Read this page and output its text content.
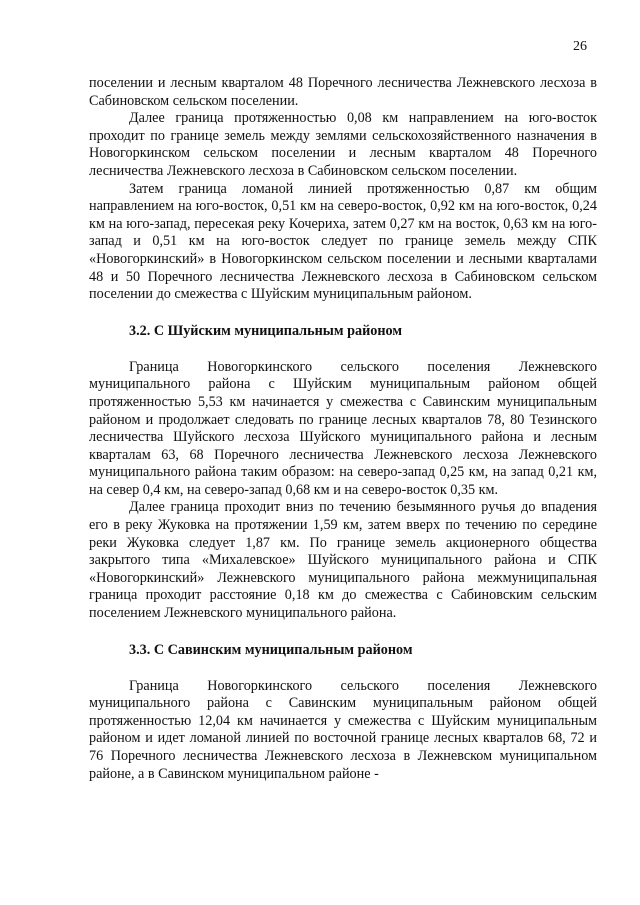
26

поселении и лесным кварталом 48 Поречного лесничества Лежневского лесхоза в Сабиновском сельском поселении.

Далее граница протяженностью 0,08 км направлением на юго-восток проходит по границе земель между землями сельскохозяйственного назначения в Новогоркинском сельском поселении и лесным кварталом 48 Поречного лесничества Лежневского лесхоза в Сабиновском сельском поселении.

Затем граница ломаной линией протяженностью 0,87 км общим направлением на юго-восток, 0,51 км на северо-восток, 0,92 км на юго-восток, 0,24 км на юго-запад, пересекая реку Кочериха, затем 0,27 км на восток, 0,63 км на юго-запад и 0,51 км на юго-восток следует по границе земель между СПК «Новогоркинский» в Новогоркинском сельском поселении и лесными кварталами 48 и 50 Поречного лесничества Лежневского лесхоза в Сабиновском сельском поселении до смежества с Шуйским муниципальным районом.

3.2. С Шуйским муниципальным районом

Граница Новогоркинского сельского поселения Лежневского муниципального района с Шуйским муниципальным районом общей протяженностью 5,53 км начинается у смежества с Савинским муниципальным районом и продолжает следовать по границе лесных кварталов 78, 80 Тезинского лесничества Шуйского лесхоза Шуйского муниципального района и лесным кварталам 63, 68 Поречного лесничества Лежневского лесхоза Лежневского муниципального района таким образом: на северо-запад 0,25 км, на запад 0,21 км, на север 0,4 км, на северо-запад 0,68 км и на северо-восток 0,35 км.

Далее граница проходит вниз по течению безымянного ручья до впадения его в реку Жуковка на протяжении 1,59 км, затем вверх по течению по середине реки Жуковка следует 1,87 км. По границе земель акционерного общества закрытого типа «Михалевское» Шуйского муниципального района и СПК «Новогоркинский» Лежневского муниципального района межмуниципальная граница проходит расстояние 0,18 км до смежества с Сабиновским сельским поселением Лежневского муниципального района.

3.3. С Савинским муниципальным районом

Граница Новогоркинского сельского поселения Лежневского муниципального района с Савинским муниципальным районом общей протяженностью 12,04 км начинается у смежества с Шуйским муниципальным районом и идет ломаной линией по восточной границе лесных кварталов 68, 72 и 76 Поречного лесничества Лежневского лесхоза в Лежневском муниципальном районе, а в Савинском муниципальном районе -
